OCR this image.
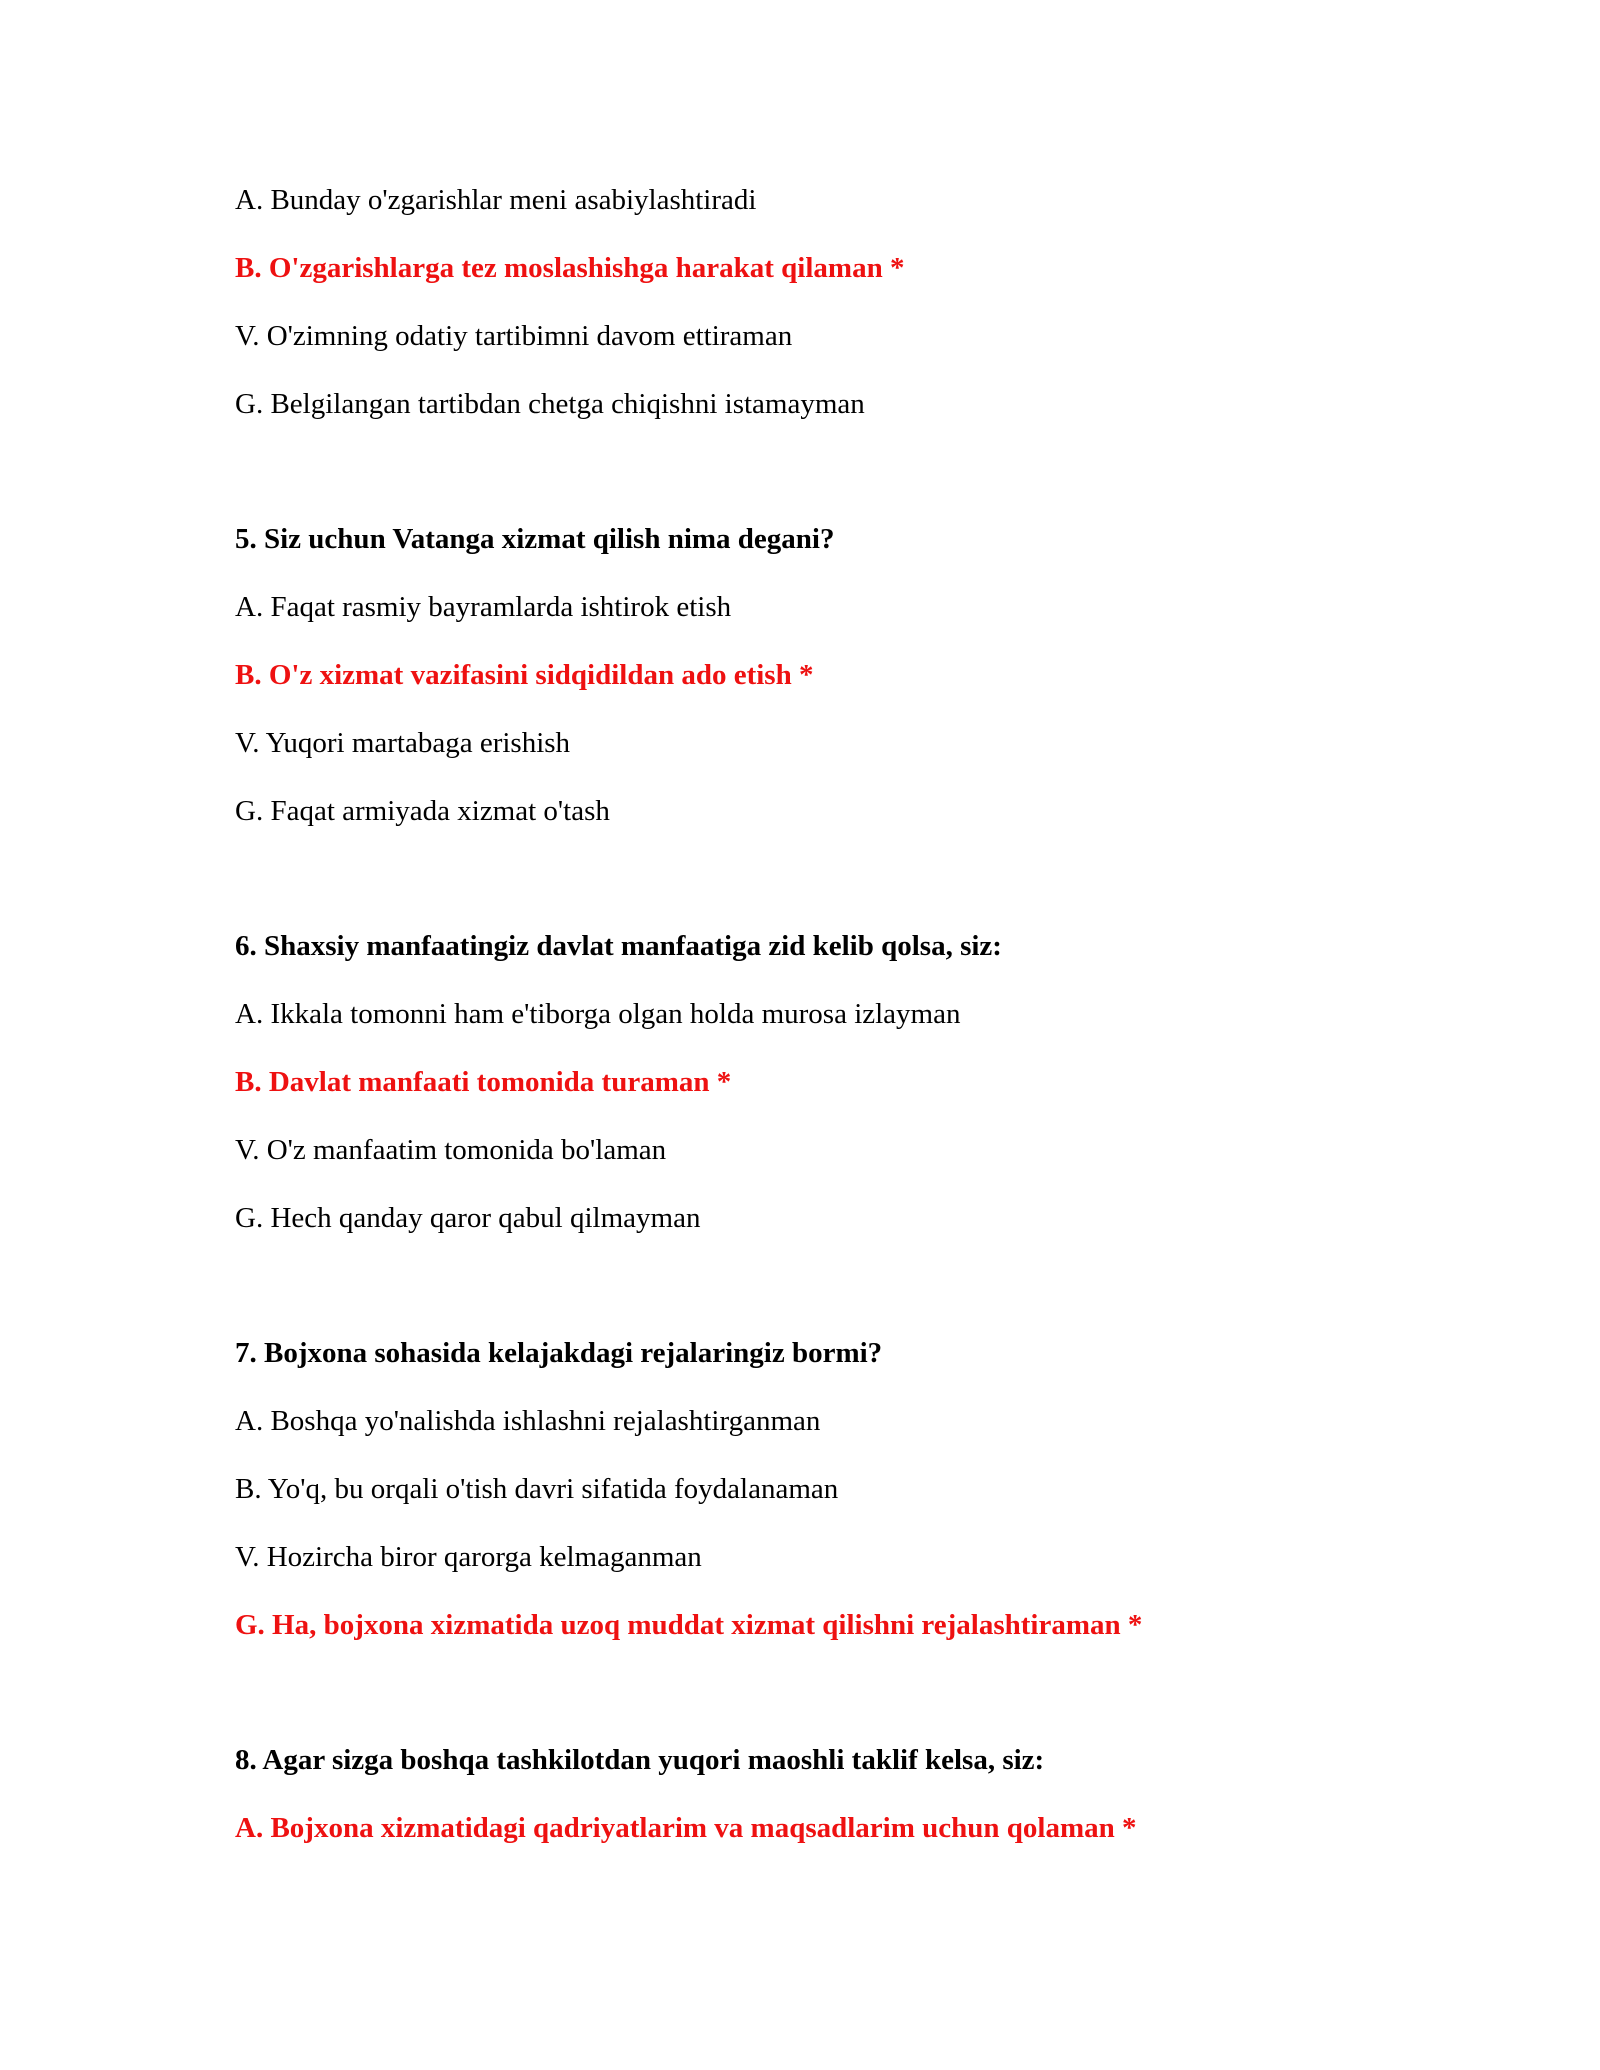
A. Bunday o'zgarishlar meni asabiylashtiradi
B. O'zgarishlarga tez moslashishga harakat qilaman *
V. O'zimning odatiy tartibimni davom ettiraman
G. Belgilangan tartibdan chetga chiqishni istamayman
5. Siz uchun Vatanga xizmat qilish nima degani?
A. Faqat rasmiy bayramlarda ishtirok etish
B. O'z xizmat vazifasini sidqidildan ado etish *
V. Yuqori martabaga erishish
G. Faqat armiyada xizmat o'tash
6. Shaxsiy manfaatingiz davlat manfaatiga zid kelib qolsa, siz:
A. Ikkala tomonni ham e'tiborga olgan holda murosa izlayman
B. Davlat manfaati tomonida turaman *
V. O'z manfaatim tomonida bo'laman
G. Hech qanday qaror qabul qilmayman
7. Bojxona sohasida kelajakdagi rejalaringiz bormi?
A. Boshqa yo'nalishda ishlashni rejalashtirganman
B. Yo'q, bu orqali o'tish davri sifatida foydalanaman
V. Hozircha biror qarorga kelmaganman
G. Ha, bojxona xizmatida uzoq muddat xizmat qilishni rejalashtiraman *
8. Agar sizga boshqa tashkilotdan yuqori maoshli taklif kelsa, siz:
A. Bojxona xizmatidagi qadriyatlarim va maqsadlarim uchun qolaman *
